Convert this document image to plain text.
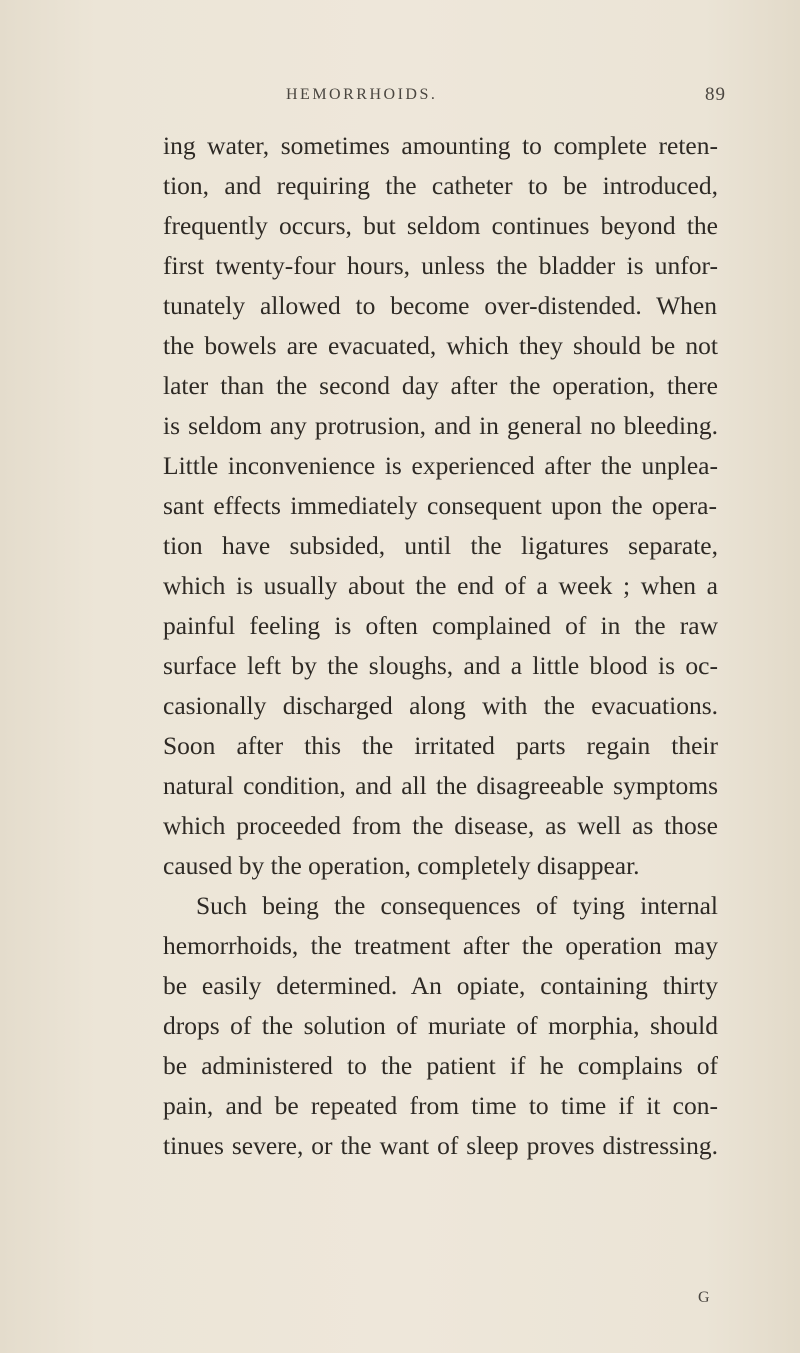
HEMORRHOIDS.	89
ing water, sometimes amounting to complete reten-
tion, and requiring the catheter to be introduced,
frequently occurs, but seldom continues beyond the
first twenty-four hours, unless the bladder is unfor-
tunately allowed to become over-distended. When
the bowels are evacuated, which they should be not
later than the second day after the operation, there
is seldom any protrusion, and in general no bleeding.
Little inconvenience is experienced after the unplea-
sant effects immediately consequent upon the opera-
tion have subsided, until the ligatures separate,
which is usually about the end of a week ; when a
painful feeling is often complained of in the raw
surface left by the sloughs, and a little blood is oc-
casionally discharged along with the evacuations.
Soon after this the irritated parts regain their
natural condition, and all the disagreeable symptoms
which proceeded from the disease, as well as those
caused by the operation, completely disappear.
Such being the consequences of tying internal
hemorrhoids, the treatment after the operation may
be easily determined. An opiate, containing thirty
drops of the solution of muriate of morphia, should
be administered to the patient if he complains of
pain, and be repeated from time to time if it con-
tinues severe, or the want of sleep proves distressing.
G
